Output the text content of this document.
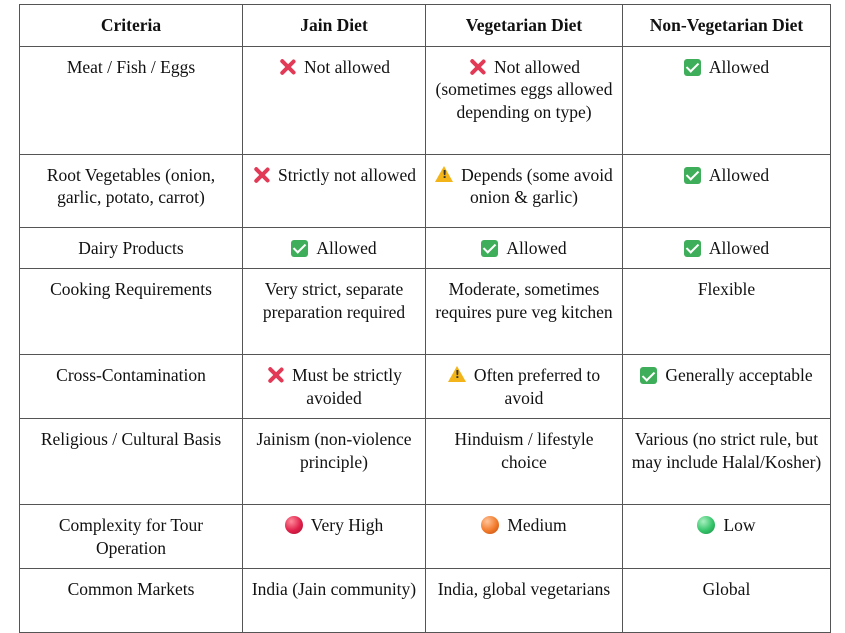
Criteria	Jain Diet	Vegetarian Diet	Non-Vegetarian Diet
Meat / Fish / Eggs	Not allowed	Not allowed (sometimes eggs allowed depending on type)	Allowed
Root Vegetables (onion, garlic, potato, carrot)	Strictly not allowed	!Depends (some avoid onion & garlic)	Allowed
Dairy Products	Allowed	Allowed	Allowed
Cooking Requirements	Very strict, separate preparation required	Moderate, sometimes requires pure veg kitchen	Flexible
Cross-Contamination	Must be strictly avoided	!Often preferred to avoid	Generally acceptable
Religious / Cultural Basis	Jainism (non-violence principle)	Hinduism / lifestyle choice	Various (no strict rule, but may include Halal/Kosher)
Complexity for Tour Operation	Very High	Medium	Low
Common Markets	India (Jain community)	India, global vegetarians	Global
